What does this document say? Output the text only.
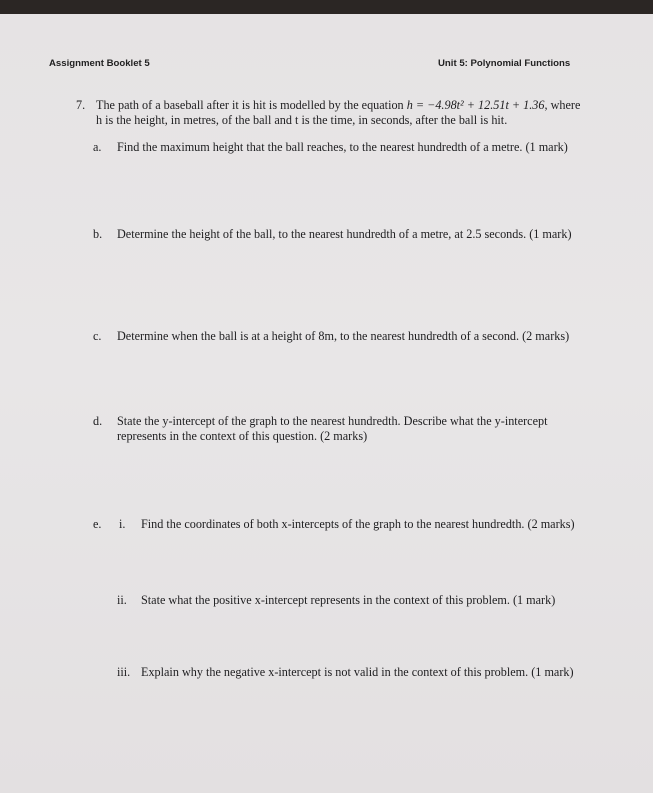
Assignment Booklet 5	Unit 5: Polynomial Functions
7. The path of a baseball after it is hit is modelled by the equation h = −4.98t² + 12.51t + 1.36, where
h is the height, in metres, of the ball and t is the time, in seconds, after the ball is hit.
a. Find the maximum height that the ball reaches, to the nearest hundredth of a metre. (1 mark)
b. Determine the height of the ball, to the nearest hundredth of a metre, at 2.5 seconds. (1 mark)
c. Determine when the ball is at a height of 8m, to the nearest hundredth of a second. (2 marks)
d. State the y-intercept of the graph to the nearest hundredth. Describe what the y-intercept
represents in the context of this question. (2 marks)
e. i. Find the coordinates of both x-intercepts of the graph to the nearest hundredth. (2 marks)
ii. State what the positive x-intercept represents in the context of this problem. (1 mark)
iii. Explain why the negative x-intercept is not valid in the context of this problem. (1 mark)
